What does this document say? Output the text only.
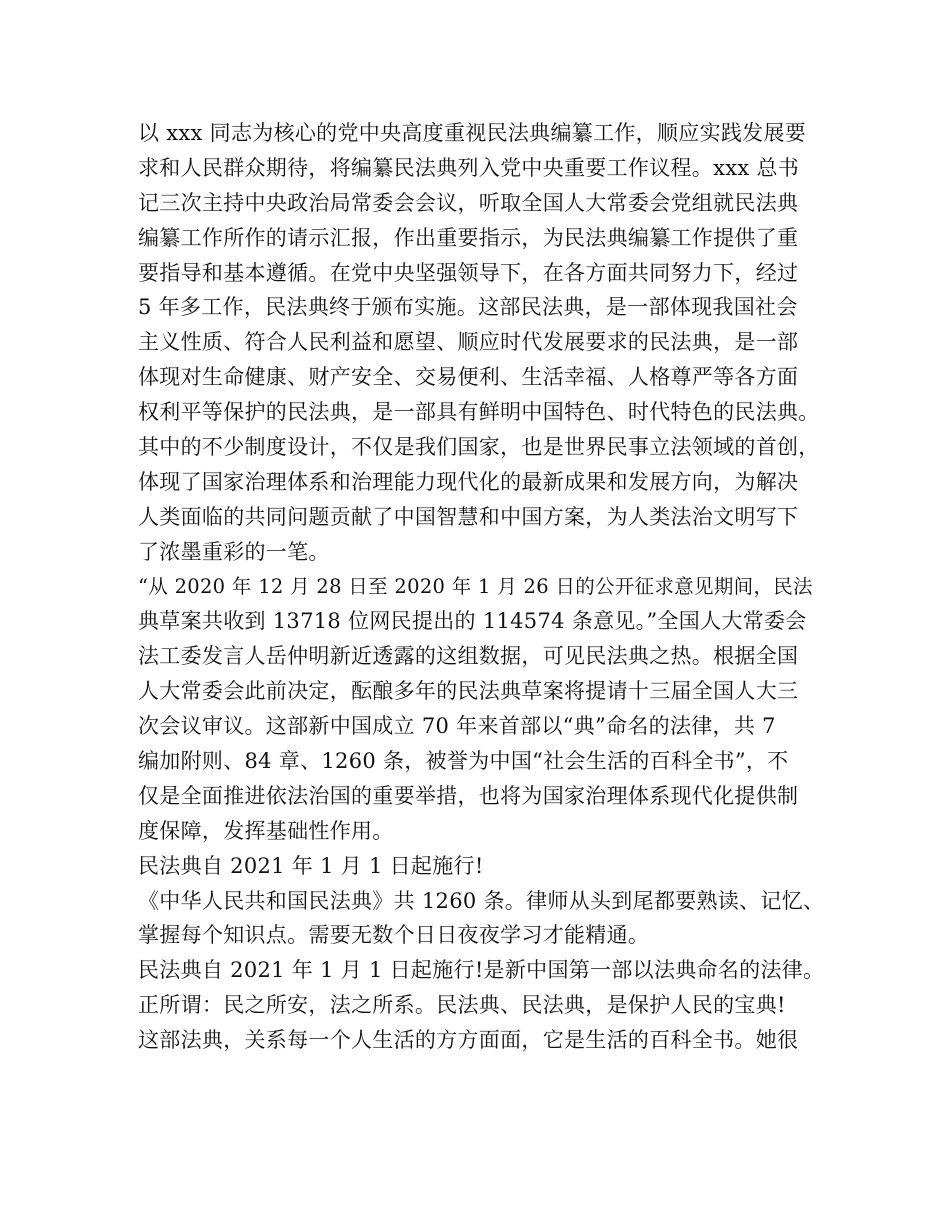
以 xxx 同志为核心的党中央高度重视民法典编纂工作，顺应实践发展要
求和人民群众期待，将编纂民法典列入党中央重要工作议程。xxx 总书
记三次主持中央政治局常委会会议，听取全国人大常委会党组就民法典
编纂工作所作的请示汇报，作出重要指示，为民法典编纂工作提供了重
要指导和基本遵循。在党中央坚强领导下，在各方面共同努力下，经过
5 年多工作，民法典终于颁布实施。这部民法典，是一部体现我国社会
主义性质、符合人民利益和愿望、顺应时代发展要求的民法典，是一部
体现对生命健康、财产安全、交易便利、生活幸福、人格尊严等各方面
权利平等保护的民法典，是一部具有鲜明中国特色、时代特色的民法典。
其中的不少制度设计，不仅是我们国家，也是世界民事立法领域的首创，
体现了国家治理体系和治理能力现代化的最新成果和发展方向，为解决
人类面临的共同问题贡献了中国智慧和中国方案，为人类法治文明写下
了浓墨重彩的一笔。
“从 2020 年 12 月 28 日至 2020 年 1 月 26 日的公开征求意见期间，民法
典草案共收到 13718 位网民提出的 114574 条意见。”全国人大常委会
法工委发言人岳仲明新近透露的这组数据，可见民法典之热。根据全国
人大常委会此前决定，酝酿多年的民法典草案将提请十三届全国人大三
次会议审议。这部新中国成立 70 年来首部以“典”命名的法律，共 7
编加附则、84 章、1260 条，被誉为中国“社会生活的百科全书”，不
仅是全面推进依法治国的重要举措，也将为国家治理体系现代化提供制
度保障，发挥基础性作用。
民法典自 2021 年 1 月 1 日起施行!
《中华人民共和国民法典》共 1260 条。律师从头到尾都要熟读、记忆、
掌握每个知识点。需要无数个日日夜夜学习才能精通。
民法典自 2021 年 1 月 1 日起施行!是新中国第一部以法典命名的法律。
正所谓：民之所安，法之所系。民法典、民法典，是保护人民的宝典!
这部法典，关系每一个人生活的方方面面，它是生活的百科全书。她很
